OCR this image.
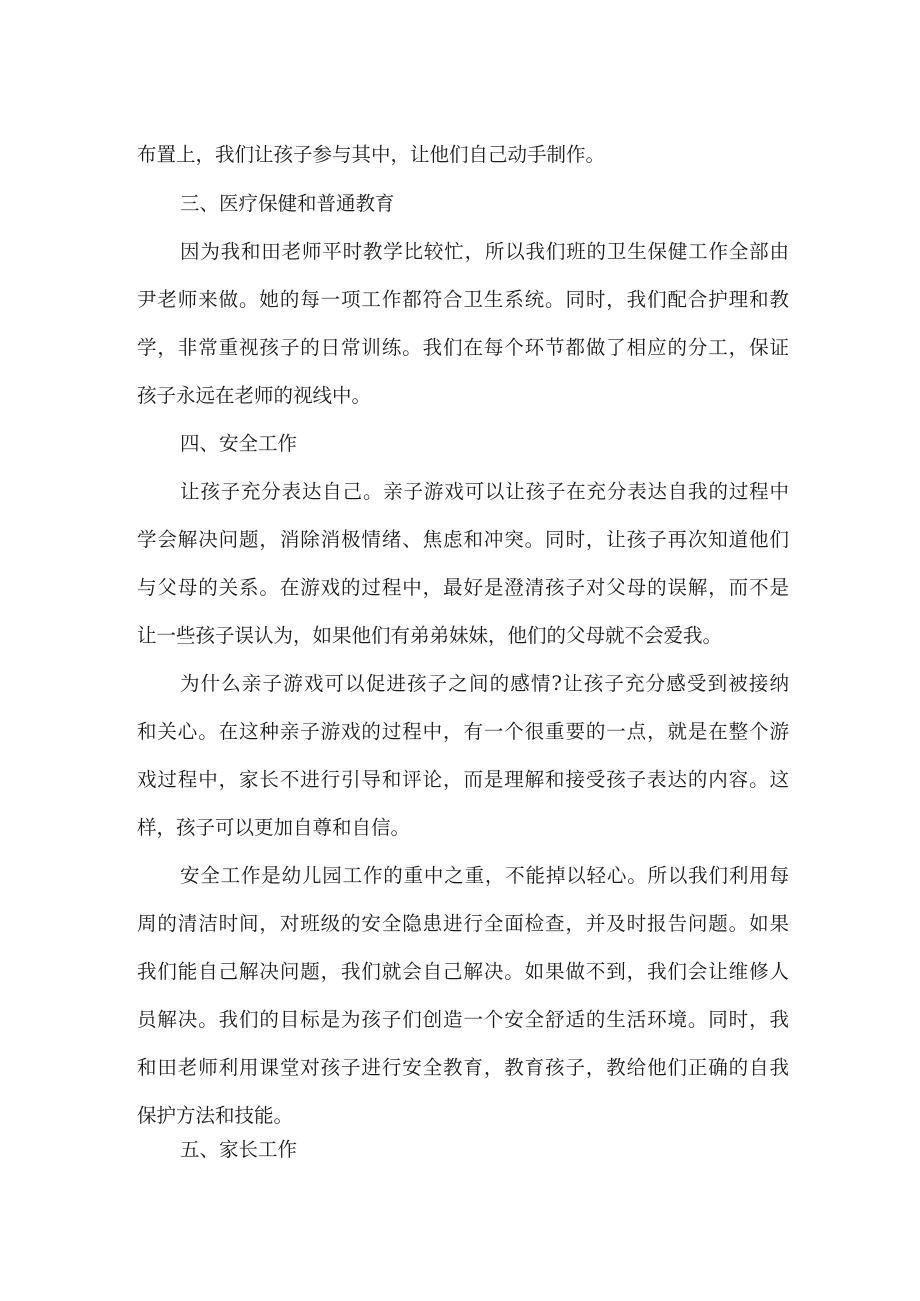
布置上，我们让孩子参与其中，让他们自己动手制作。
三、医疗保健和普通教育
因为我和田老师平时教学比较忙，所以我们班的卫生保健工作全部由
尹老师来做。她的每一项工作都符合卫生系统。同时，我们配合护理和教
学，非常重视孩子的日常训练。我们在每个环节都做了相应的分工，保证
孩子永远在老师的视线中。
四、安全工作
让孩子充分表达自己。亲子游戏可以让孩子在充分表达自我的过程中
学会解决问题，消除消极情绪、焦虑和冲突。同时，让孩子再次知道他们
与父母的关系。在游戏的过程中，最好是澄清孩子对父母的误解，而不是
让一些孩子误认为，如果他们有弟弟妹妹，他们的父母就不会爱我。
为什么亲子游戏可以促进孩子之间的感情?让孩子充分感受到被接纳
和关心。在这种亲子游戏的过程中，有一个很重要的一点，就是在整个游
戏过程中，家长不进行引导和评论，而是理解和接受孩子表达的内容。这
样，孩子可以更加自尊和自信。
安全工作是幼儿园工作的重中之重，不能掉以轻心。所以我们利用每
周的清洁时间，对班级的安全隐患进行全面检查，并及时报告问题。如果
我们能自己解决问题，我们就会自己解决。如果做不到，我们会让维修人
员解决。我们的目标是为孩子们创造一个安全舒适的生活环境。同时，我
和田老师利用课堂对孩子进行安全教育，教育孩子，教给他们正确的自我
保护方法和技能。
五、家长工作
